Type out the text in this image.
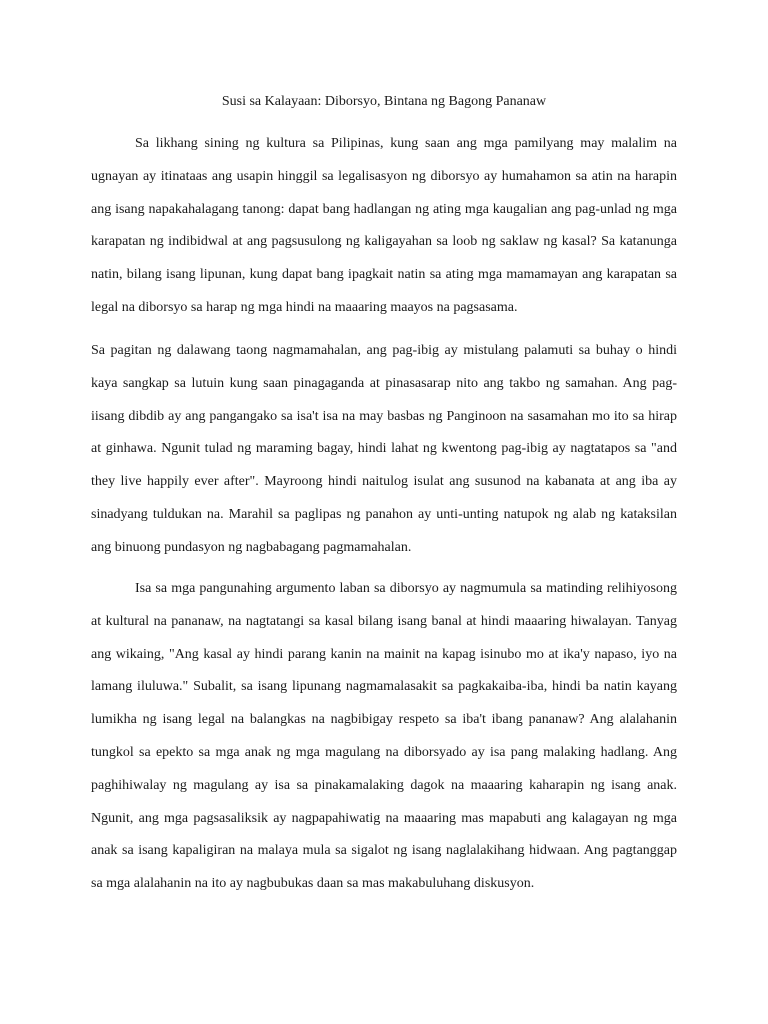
Susi sa Kalayaan: Diborsyo, Bintana ng Bagong Pananaw

Sa likhang sining ng kultura sa Pilipinas, kung saan ang mga pamilyang may malalim na ugnayan ay itinataas ang usapin hinggil sa legalisasyon ng diborsyo ay humahamon sa atin na harapin ang isang napakahalagang tanong: dapat bang hadlangan ng ating mga kaugalian ang pag-unlad ng mga karapatan ng indibidwal at ang pagsusulong ng kaligayahan sa loob ng saklaw ng kasal? Sa katanunga natin, bilang isang lipunan, kung dapat bang ipagkait natin sa ating mga mamamayan ang karapatan sa legal na diborsyo sa harap ng mga hindi na maaaring maayos na pagsasama.

Sa pagitan ng dalawang taong nagmamahalan, ang pag-ibig ay mistulang palamuti sa buhay o hindi kaya sangkap sa lutuin kung saan pinagaganda at pinasasarap nito ang takbo ng samahan. Ang pag-iisang dibdib ay ang pangangako sa isa't isa na may basbas ng Panginoon na sasamahan mo ito sa hirap at ginhawa. Ngunit tulad ng maraming bagay, hindi lahat ng kwentong pag-ibig ay nagtatapos sa "and they live happily ever after". Mayroong hindi naitulog isulat ang susunod na kabanata at ang iba ay sinadyang tuldukan na. Marahil sa paglipas ng panahon ay unti-unting natupok ng alab ng kataksilan ang binuong pundasyon ng nagbabagang pagmamahalan.

Isa sa mga pangunahing argumento laban sa diborsyo ay nagmumula sa matinding relihiyosong at kultural na pananaw, na nagtatangi sa kasal bilang isang banal at hindi maaaring hiwalayan. Tanyag ang wikaing, "Ang kasal ay hindi parang kanin na mainit na kapag isinubo mo at ika'y napaso, iyo na lamang iluluwa." Subalit, sa isang lipunang nagmamalasakit sa pagkakaiba-iba, hindi ba natin kayang lumikha ng isang legal na balangkas na nagbibigay respeto sa iba't ibang pananaw? Ang alalahanin tungkol sa epekto sa mga anak ng mga magulang na diborsyado ay isa pang malaking hadlang. Ang paghihiwalay ng magulang ay isa sa pinakamalaking dagok na maaaring kaharapin ng isang anak. Ngunit, ang mga pagsasaliksik ay nagpapahiwatig na maaaring mas mapabuti ang kalagayan ng mga anak sa isang kapaligiran na malaya mula sa sigalot ng isang naglalakihang hidwaan. Ang pagtanggap sa mga alalahanin na ito ay nagbubukas daan sa mas makabuluhang diskusyon.
